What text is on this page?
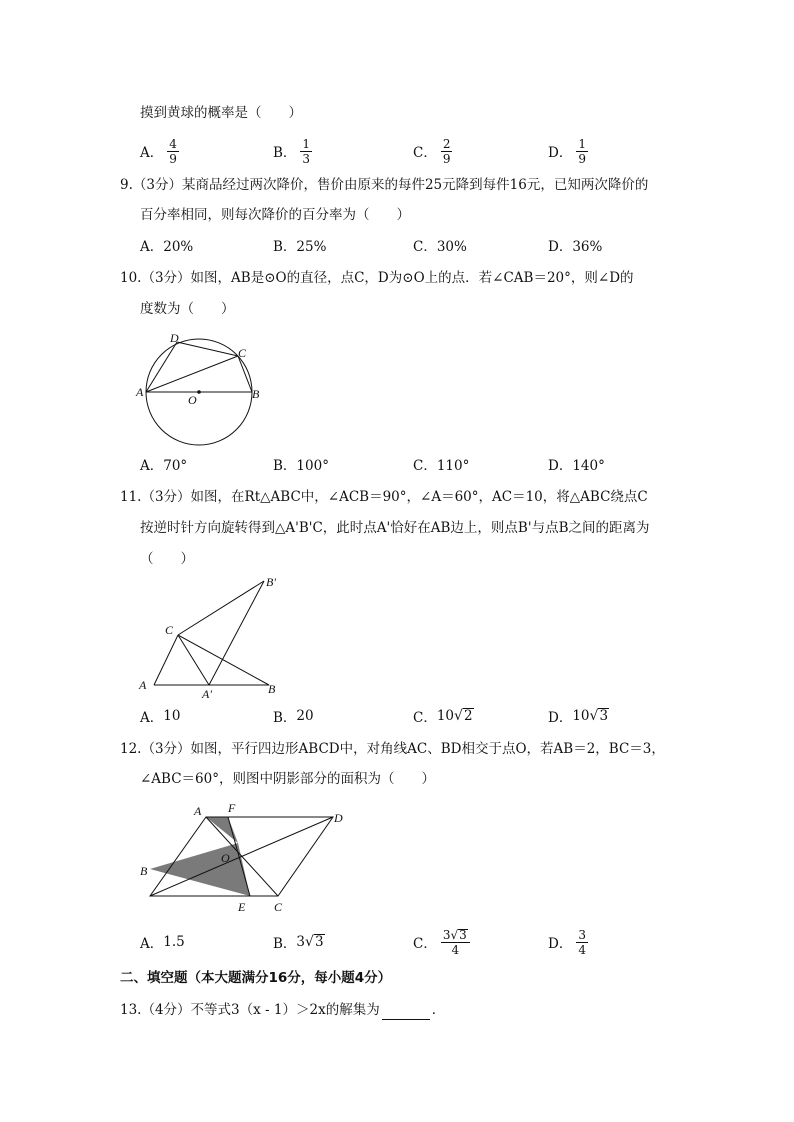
摸到黄球的概率是（　　）
A． $\frac{4}{9}$	B． $\frac{1}{3}$	C． $\frac{2}{9}$	D． $\frac{1}{9}$
9.（3分）某商品经过两次降价，售价由原来的每件25元降到每件16元，已知两次降价的
百分率相同，则每次降价的百分率为（　　）
A．20%	B．25%	C．30%	D．36%
10.（3分）如图，AB是⊙O的直径，点C，D为⊙O上的点．若∠CAB＝20°，则∠D的
度数为（　　）
A	B
C
D
O
A．70°	B．100°	C．110°	D．140°
11.（3分）如图，在Rt△ABC中，∠ACB＝90°，∠A＝60°，AC＝10，将△ABC绕点C
按逆时针方向旋转得到△A'B'C，此时点A'恰好在AB边上，则点B'与点B之间的距离为
（　　）
A	B
C
A'
B'
A． 10	B． 20	C． 10 √ 2	D． 10 √ 3
12.（3分）如图，平行四边形ABCD中，对角线AC、BD相交于点O，若AB＝2，BC＝3，
∠ABC＝60°，则图中阴影部分的面积为（　　）
A F
D
O
B
E C
A． 1.5	B． 3 √ 3	C． $\frac{3 √ 3}{4}$	D． $\frac{3}{4}$
二、填空题（本大题满分16分，每小题4分）
13.（4分）不等式3（x - 1）＞2x的解集为	．
